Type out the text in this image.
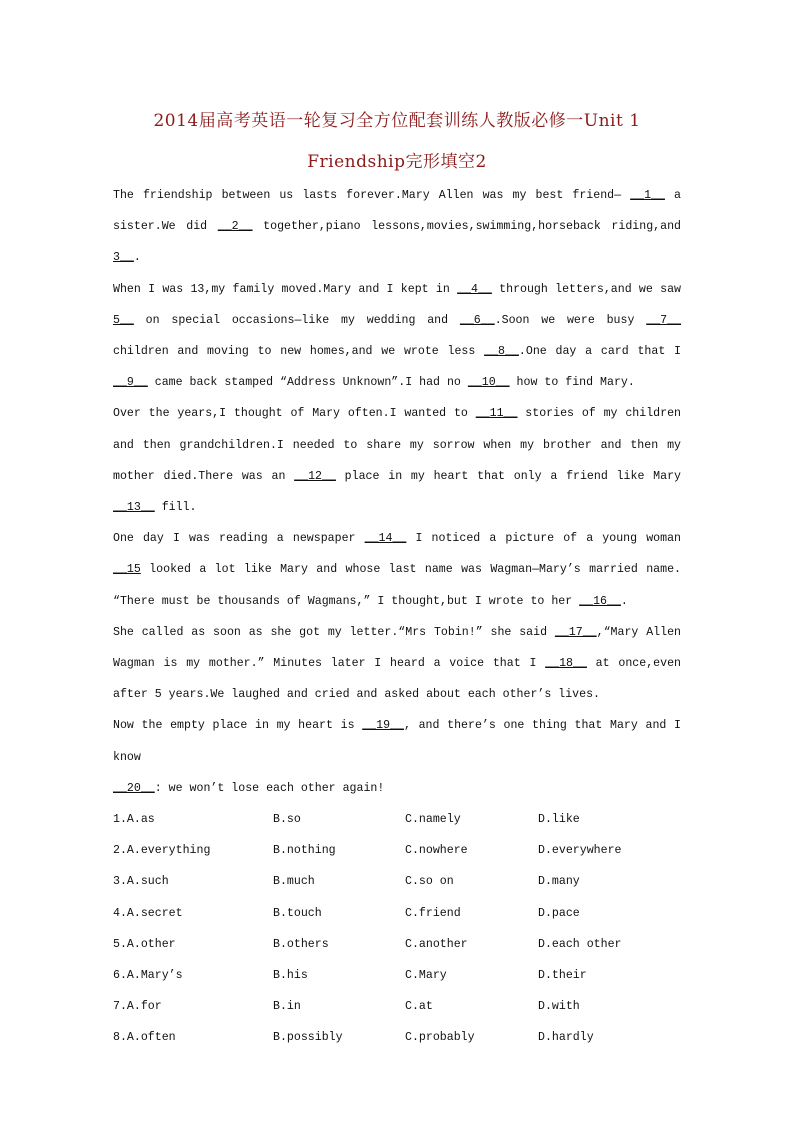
2014届高考英语一轮复习全方位配套训练人教版必修一Unit 1
Friendship完形填空2

The friendship between us lasts forever.Mary Allen was my best friend— __1__ a sister.We did __2__ together,piano lessons,movies,swimming,horseback riding,and 3__.

When I was 13,my family moved.Mary and I kept in __4__ through letters,and we saw 5__ on special occasions—like my wedding and __6__.Soon we were busy __7__ children and moving to new homes,and we wrote less __8__.One day a card that I __9__ came back stamped “Address Unknown”.I had no __10__ how to find Mary.

Over the years,I thought of Mary often.I wanted to __11__ stories of my children and then grandchildren.I needed to share my sorrow when my brother and then my mother died.There was an __12__ place in my heart that only a friend like Mary __13__ fill.

One day I was reading a newspaper __14__ I noticed a picture of a young woman __15 looked a lot like Mary and whose last name was Wagman—Mary’s married name. “There must be thousands of Wagmans,” I thought,but I wrote to her __16__.

She called as soon as she got my letter.“Mrs Tobin!” she said __17__,“Mary Allen Wagman is my mother.” Minutes later I heard a voice that I __18__ at once,even after 5 years.We laughed and cried and asked about each other’s lives.

Now the empty place in my heart is __19__, and there’s one thing that Mary and I know

__20__: we won’t lose each other again!

1.A.as	B.so	C.namely	D.like
2.A.everything	B.nothing	C.nowhere	D.everywhere
3.A.such	B.much	C.so on	D.many
4.A.secret	B.touch	C.friend	D.pace
5.A.other	B.others	C.another	D.each other
6.A.Mary’s	B.his	C.Mary	D.their
7.A.for	B.in	C.at	D.with
8.A.often	B.possibly	C.probably	D.hardly
